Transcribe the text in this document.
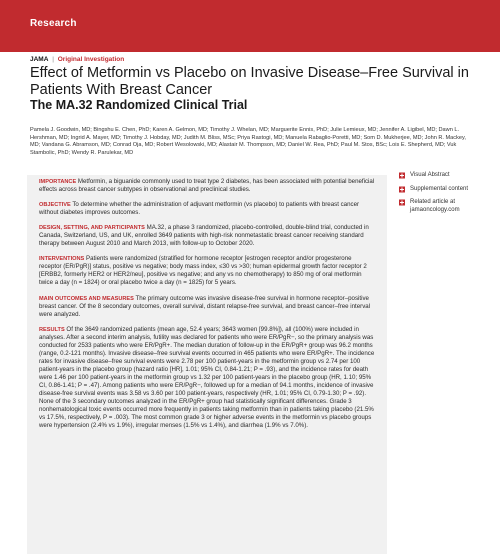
Research
JAMA | Original Investigation
Effect of Metformin vs Placebo on Invasive Disease–Free Survival in Patients With Breast Cancer
The MA.32 Randomized Clinical Trial
Pamela J. Goodwin, MD; Bingshu E. Chen, PhD; Karen A. Gelmon, MD; Timothy J. Whelan, MD; Marguerite Ennis, PhD; Julie Lemieux, MD; Jennifer A. Ligibel, MD; Dawn L. Hershman, MD; Ingrid A. Mayer, MD; Timothy J. Hobday, MD; Judith M. Bliss, MSc; Priya Rastogi, MD; Manuela Rabaglio-Poretti, MD; Som D. Mukherjee, MD; John R. Mackey, MD; Vandana G. Abramson, MD; Conrad Oja, MD; Robert Wesolowski, MD; Alastair M. Thompson, MD; Daniel W. Rea, PhD; Paul M. Stos, BSc; Lois E. Shepherd, MD; Vuk Stambolic, PhD; Wendy R. Parulekar, MD

IMPORTANCE Metformin, a biguanide commonly used to treat type 2 diabetes, has been associated with potential beneficial effects across breast cancer subtypes in observational and preclinical studies.

OBJECTIVE To determine whether the administration of adjuvant metformin (vs placebo) to patients with breast cancer without diabetes improves outcomes.

DESIGN, SETTING, AND PARTICIPANTS MA.32, a phase 3 randomized, placebo-controlled, double-blind trial, conducted in Canada, Switzerland, US, and UK, enrolled 3649 patients with high-risk nonmetastatic breast cancer receiving standard therapy between August 2010 and March 2013, with follow-up to October 2020.

INTERVENTIONS Patients were randomized (stratified for hormone receptor [estrogen receptor and/or progesterone receptor (ER/PgR)] status, positive vs negative; body mass index, ≤30 vs >30; human epidermal growth factor receptor 2 [ERBB2, formerly HER2 or HER2/neu], positive vs negative; and any vs no chemotherapy) to 850 mg of oral metformin twice a day (n = 1824) or oral placebo twice a day (n = 1825) for 5 years.

MAIN OUTCOMES AND MEASURES The primary outcome was invasive disease-free survival in hormone receptor–positive breast cancer. Of the 8 secondary outcomes, overall survival, distant relapse-free survival, and breast cancer–free interval were analyzed.

RESULTS Of the 3649 randomized patients (mean age, 52.4 years; 3643 women [99.8%]), all (100%) were included in analyses. After a second interim analysis, futility was declared for patients who were ER/PgR−, so the primary analysis was conducted for 2533 patients who were ER/PgR+. The median duration of follow-up in the ER/PgR+ group was 96.2 months (range, 0.2-121 months). Invasive disease–free survival events occurred in 465 patients who were ER/PgR+. The incidence rates for invasive disease–free survival events were 2.78 per 100 patient-years in the metformin group vs 2.74 per 100 patient-years in the placebo group (hazard ratio [HR], 1.01; 95% CI, 0.84-1.21; P = .93), and the incidence rates for death were 1.46 per 100 patient-years in the metformin group vs 1.32 per 100 patient-years in the placebo group (HR, 1.10; 95% CI, 0.86-1.41; P = .47). Among patients who were ER/PgR−, followed up for a median of 94.1 months, incidence of invasive disease-free survival events was 3.58 vs 3.60 per 100 patient-years, respectively (HR, 1.01; 95% CI, 0.79-1.30; P = .92). None of the 3 secondary outcomes analyzed in the ER/PgR+ group had statistically significant differences. Grade 3 nonhematological toxic events occurred more frequently in patients taking metformin than in patients taking placebo (21.5% vs 17.5%, respectively, P = .003). The most common grade 3 or higher adverse events in the metformin vs placebo groups were hypertension (2.4% vs 1.9%), irregular menses (1.5% vs 1.4%), and diarrhea (1.9% vs 7.0%).

Visual Abstract
Supplemental content
Related article at
jamaoncology.com
